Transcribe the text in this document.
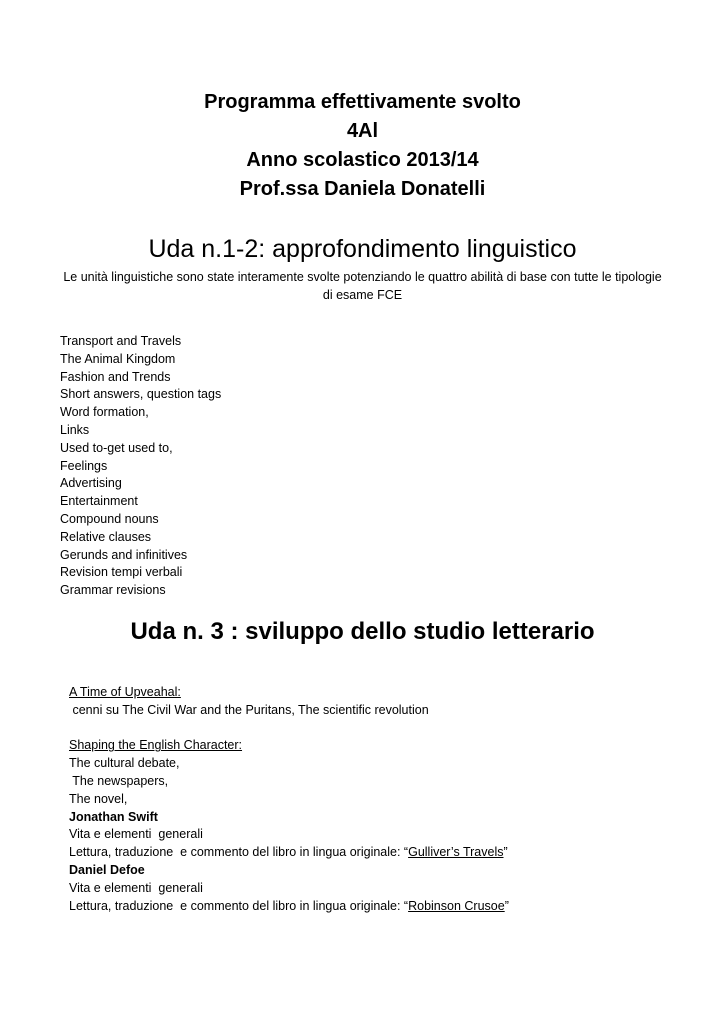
Programma effettivamente svolto
4Al
Anno scolastico 2013/14
Prof.ssa Daniela Donatelli
Uda n.1-2: approfondimento linguistico
Le unità linguistiche sono state interamente svolte potenziando le quattro abilità di base con tutte le tipologie di esame FCE
Transport and Travels
The Animal Kingdom
Fashion and Trends
Short answers, question tags
Word formation,
Links
Used to-get used to,
Feelings
Advertising
Entertainment
Compound nouns
Relative clauses
Gerunds and infinitives
Revision tempi verbali
Grammar revisions
Uda n. 3 : sviluppo dello studio letterario
A Time of Upveahal:
cenni su The Civil War and the Puritans, The scientific revolution
Shaping the English Character:
The cultural debate,
The newspapers,
The novel,
Jonathan Swift
Vita e elementi  generali
Lettura, traduzione  e commento del libro in lingua originale: “Gulliver’s Travels”
Daniel Defoe
Vita e elementi  generali
Lettura, traduzione  e commento del libro in lingua originale: “Robinson Crusoe”
